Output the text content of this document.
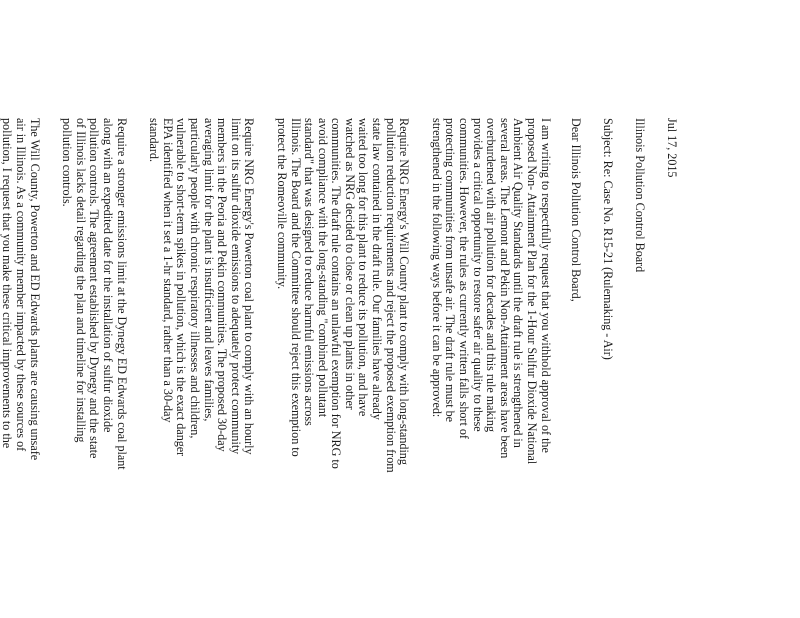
Jul 17, 2015

Illinois Pollution Control Board

Subject: Re: Case No. R15-21 (Rulemaking - Air)

Dear Illinois Pollution Control Board,

I am writing to respectfully request that you withhold approval of the

proposed Non- Attainment Plan for the 1-Hour Sulfur Dioxide National

Ambient Air Quality Standards until the draft rule is strengthened in

several areas. The Lemont and Pekin Non-Attainment areas have been

overburdened with air pollution for decades and this rule making

provides a critical opportunity to restore safer air quality to these

communities. However, the rules as currently written falls short of

protecting communities from unsafe air. The draft rule must be

strengthened in the following ways before it can be approved:

Require NRG Energy's Will County plant to comply with long-standing

pollution reduction requirements and reject the proposed exemption from

state law contained in the draft rule. Our families have already

waited too long for this plant to reduce its pollution, and have

watched as NRG decided to close or clean up plants in other

communities. The draft rule contains an unlawful exemption for NRG to

avoid compliance with the long-standing "combined pollutant

standard" that was designed to reduce harmful emissions across

Illinois. The Board and the Committee should reject this exemption to

protect the Romeoville community.

Require NRG Energy's Powerton coal plant to comply with an hourly

limit on its sulfur dioxide emissions to adequately protect community

members in the Peoria and Pekin communities. The proposed 30-day

averaging limit for the plant is insufficient and leaves families,

particularly people with chronic respiratory illnesses and children,

vulnerable to short-term spikes in pollution, which is the exact danger

EPA identified when it set a 1-hr standard, rather than a 30-day

standard.

Require a stronger emissions limit at the Dynegy ED Edwards coal plant

along with an expedited date for the installation of sulfur dioxide

pollution controls. The agreement established by Dynegy and the state

of Illinois lacks detail regarding the plan and timeline for installing

pollution controls.

The Will County, Powerton and ED Edwards plants are causing unsafe

air in Illinois. As a community member impacted by these sources of

pollution, I request that you make these critical improvements to the
